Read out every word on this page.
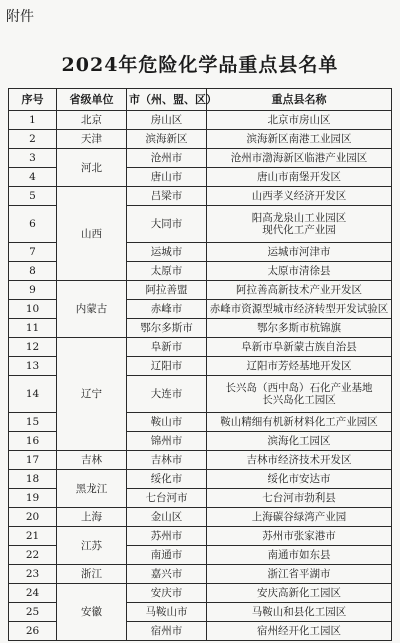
附件
2024年危险化学品重点县名单
序号	省级单位	市（州、盟、区）	重点县名称
1	北京	房山区	北京市房山区

2	天津	滨海新区	滨海新区南港工业园区

3	河北	沧州市	沧州市渤海新区临港产业园区

4		唐山市	唐山市南堡开发区

5	山西	吕梁市	山西孝义经济开发区

6		大同市	阳高龙泉山工业园区
现代化工产业园

7		运城市	运城市河津市

8		太原市	太原市清徐县

9	内蒙古	阿拉善盟	阿拉善高新技术产业开发区

10		赤峰市	赤峰市资源型城市经济转型开发试验区

11		鄂尔多斯市	鄂尔多斯市杭锦旗

12	辽宁	阜新市	阜新市阜新蒙古族自治县

13		辽阳市	辽阳市芳烃基地开发区

14		大连市	长兴岛（西中岛）石化产业基地
长兴岛化工园区

15		鞍山市	鞍山精细有机新材料化工产业园区

16		锦州市	滨海化工园区

17	吉林	吉林市	吉林市经济技术开发区

18	黑龙江	绥化市	绥化市安达市

19		七台河市	七台河市勃利县

20	上海	金山区	上海碳谷绿湾产业园

21	江苏	苏州市	苏州市张家港市

22		南通市	南通市如东县

23	浙江	嘉兴市	浙江省平湖市

24	安徽	安庆市	安庆高新化工园区

25		马鞍山市	马鞍山和县化工园区

26		宿州市	宿州经开化工园区
